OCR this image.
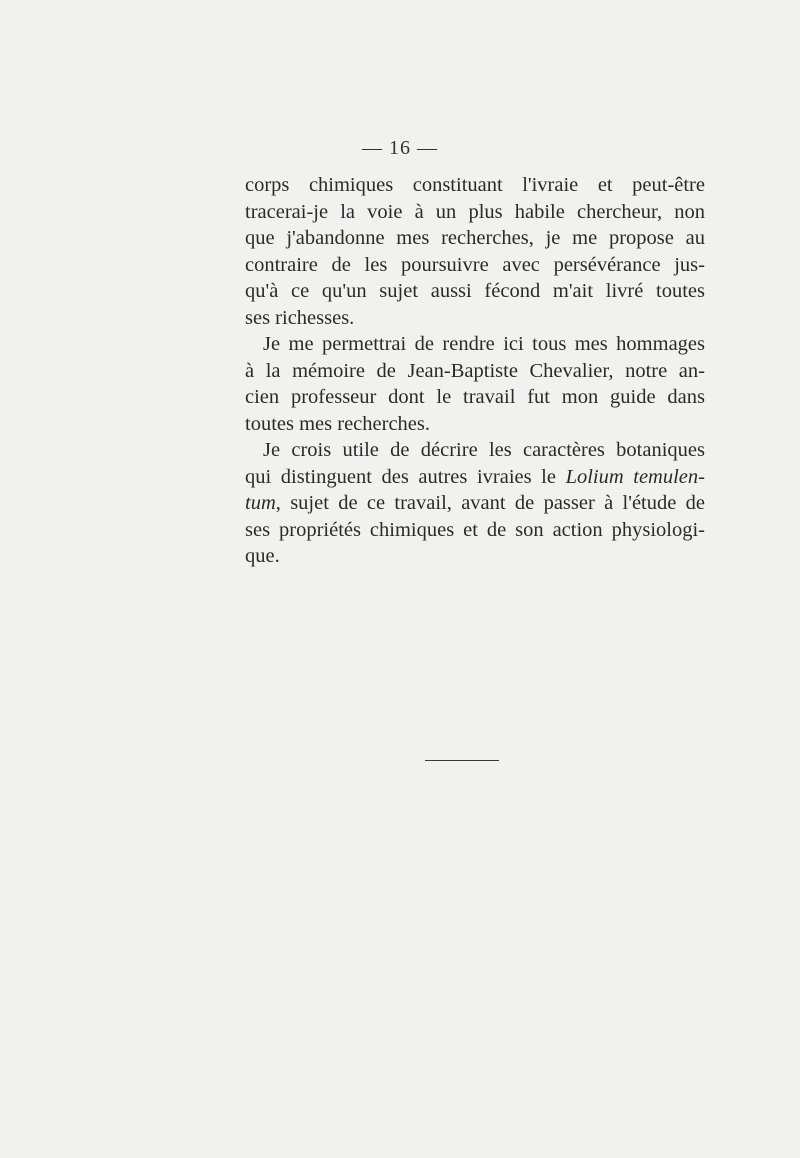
— 16 —
corps chimiques constituant l'ivraie et peut-être
tracerai-je la voie à un plus habile chercheur, non
que j'abandonne mes recherches, je me propose au
contraire de les poursuivre avec persévérance jus-
qu'à ce qu'un sujet aussi fécond m'ait livré toutes
ses richesses.
Je me permettrai de rendre ici tous mes hommages
à la mémoire de Jean-Baptiste Chevalier, notre an-
cien professeur dont le travail fut mon guide dans
toutes mes recherches.
Je crois utile de décrire les caractères botaniques
qui distinguent des autres ivraies le Lolium temulen-
tum, sujet de ce travail, avant de passer à l'étude de
ses propriétés chimiques et de son action physiologi-
que.
